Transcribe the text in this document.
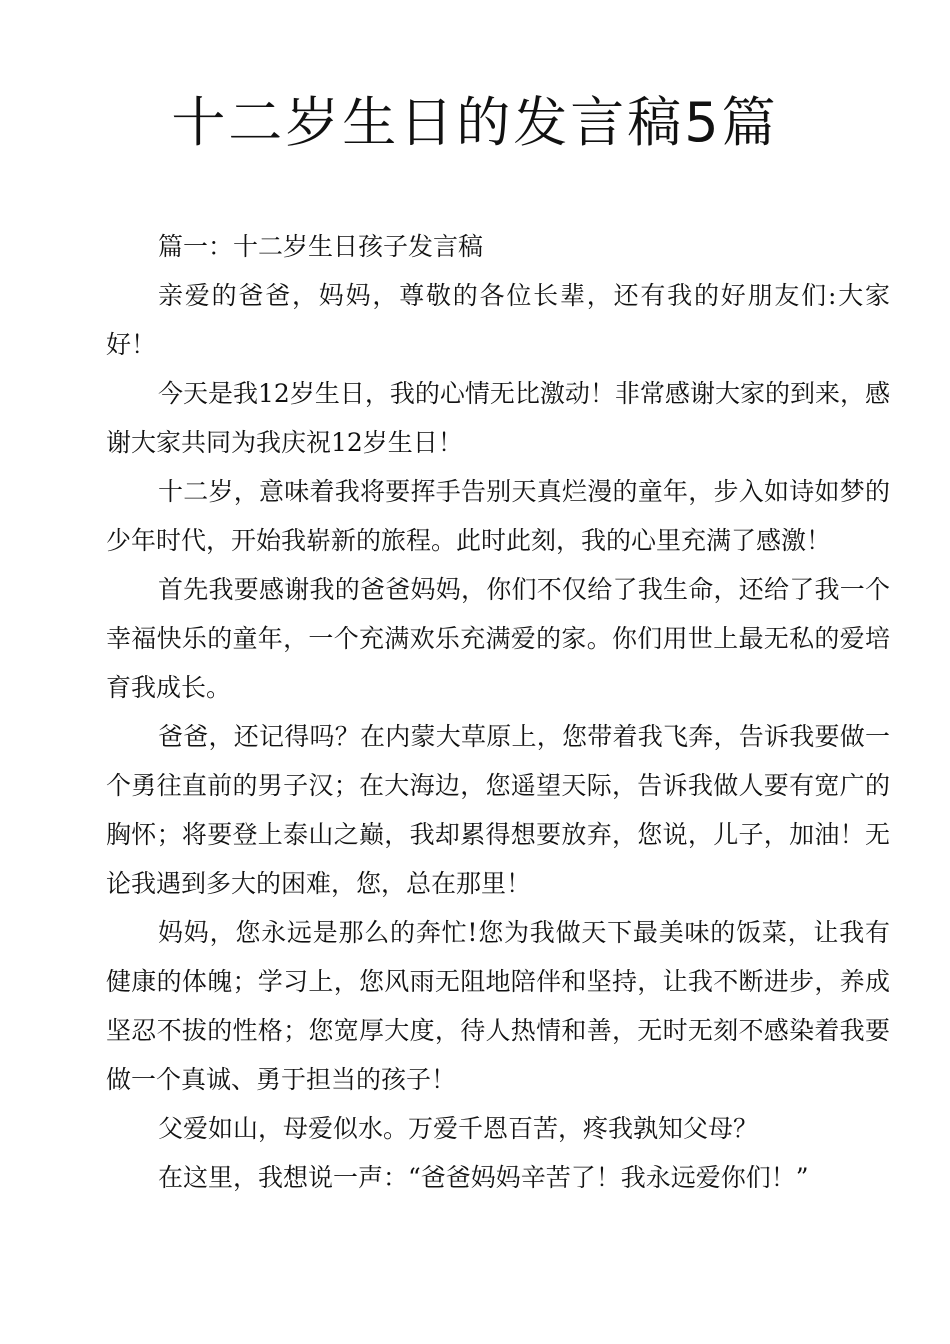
十二岁生日的发言稿5篇

篇一：十二岁生日孩子发言稿

亲爱的爸爸，妈妈，尊敬的各位长辈，还有我的好朋友们:大家好！

今天是我12岁生日，我的心情无比激动！非常感谢大家的到来，感谢大家共同为我庆祝12岁生日！

十二岁，意味着我将要挥手告别天真烂漫的童年，步入如诗如梦的少年时代，开始我崭新的旅程。此时此刻，我的心里充满了感激！

首先我要感谢我的爸爸妈妈，你们不仅给了我生命，还给了我一个幸福快乐的童年，一个充满欢乐充满爱的家。你们用世上最无私的爱培育我成长。

爸爸，还记得吗？在内蒙大草原上，您带着我飞奔，告诉我要做一个勇往直前的男子汉；在大海边，您遥望天际，告诉我做人要有宽广的胸怀；将要登上泰山之巅，我却累得想要放弃，您说，儿子，加油！无论我遇到多大的困难，您，总在那里！

妈妈，您永远是那么的奔忙!您为我做天下最美味的饭菜，让我有健康的体魄；学习上，您风雨无阻地陪伴和坚持，让我不断进步，养成坚忍不拔的性格；您宽厚大度，待人热情和善，无时无刻不感染着我要做一个真诚、勇于担当的孩子！

父爱如山，母爱似水。万爱千恩百苦，疼我孰知父母？

在这里，我想说一声：“爸爸妈妈辛苦了！我永远爱你们！”
